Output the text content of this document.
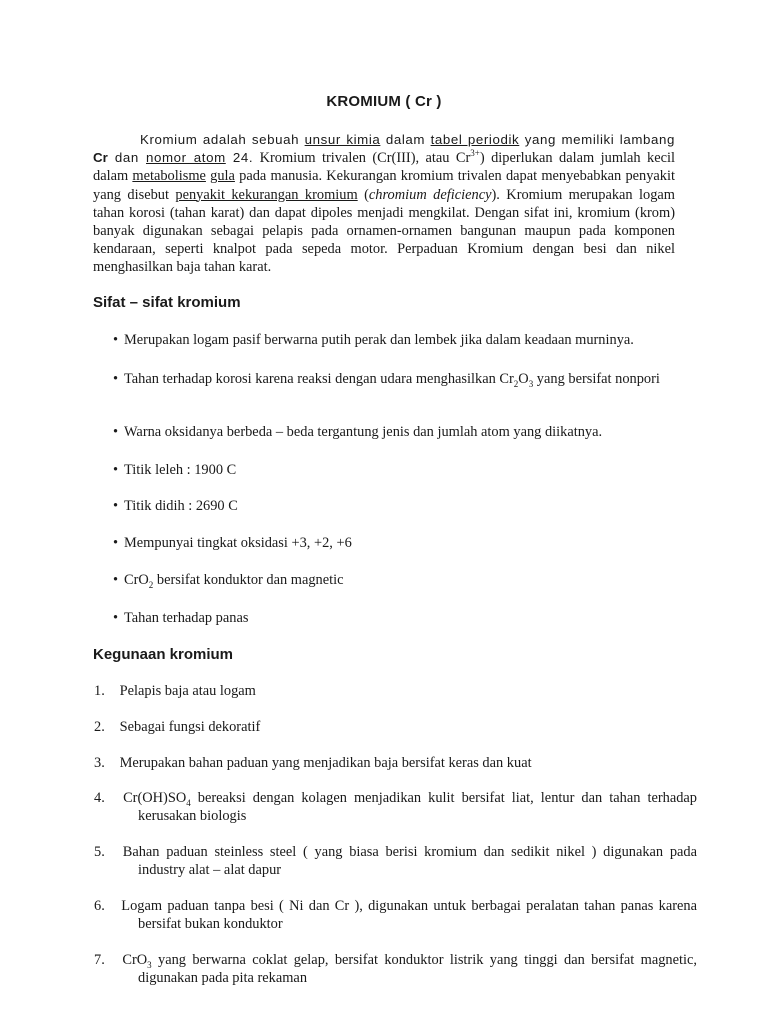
KROMIUM ( Cr )

Kromium adalah sebuah unsur kimia dalam tabel periodik yang memiliki lambang Cr dan nomor atom 24. Kromium trivalen (Cr(III), atau $Cr^{3+}$) diperlukan dalam jumlah kecil dalam metabolisme gula pada manusia. Kekurangan kromium trivalen dapat menyebabkan penyakit yang disebut penyakit kekurangan kromium (chromium deficiency). Kromium merupakan logam tahan korosi (tahan karat) dan dapat dipoles menjadi mengkilat. Dengan sifat ini, kromium (krom) banyak digunakan sebagai pelapis pada ornamen-ornamen bangunan maupun pada komponen kendaraan, seperti knalpot pada sepeda motor. Perpaduan Kromium dengan besi dan nikel menghasilkan baja tahan karat.

Sifat – sifat kromium

• Merupakan logam pasif berwarna putih perak dan lembek jika dalam keadaan murninya.

• Tahan terhadap korosi karena reaksi dengan udara menghasilkan $Cr_2O_3$ yang bersifat nonpori

• Warna oksidanya berbeda – beda tergantung jenis dan jumlah atom yang diikatnya.

• Titik leleh : 1900 C

• Titik didih : 2690 C

• Mempunyai tingkat oksidasi +3, +2, +6

• CrO$_2$ bersifat konduktor dan magnetic

• Tahan terhadap panas

Kegunaan kromium

1. Pelapis baja atau logam

2. Sebagai fungsi dekoratif

3. Merupakan bahan paduan yang menjadikan baja bersifat keras dan kuat

4. $Cr(OH)SO_4$ bereaksi dengan kolagen menjadikan kulit bersifat liat, lentur dan tahan terhadap kerusakan biologis

5. Bahan paduan steinless steel ( yang biasa berisi kromium dan sedikit nikel ) digunakan pada industry alat – alat dapur

6. Logam paduan tanpa besi ( Ni dan Cr ), digunakan untuk berbagai peralatan tahan panas karena bersifat bukan konduktor

7. CrO$_3$ yang berwarna coklat gelap, bersifat konduktor listrik yang tinggi dan bersifat magnetic, digunakan pada pita rekaman
